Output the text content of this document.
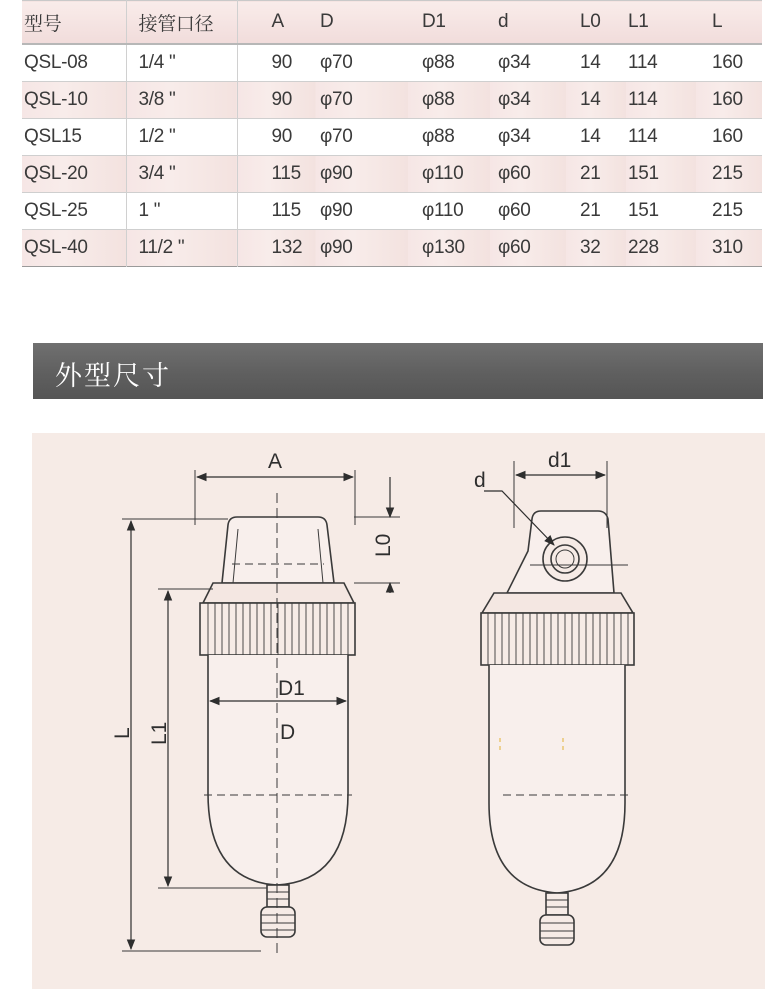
型号	接管口径	A	D	D1	d	L0	L1	L
QSL-08	1/4 "	90	φ70	φ88	φ34	14	114	160
QSL-10	3/8 "	90	φ70	φ88	φ34	14	114	160
QSL15	1/2 "	90	φ70	φ88	φ34	14	114	160
QSL-20	3/4 "	115	φ90	φ110	φ60	21	151	215
QSL-25	1 "	115	φ90	φ110	φ60	21	151	215
QSL-40	11/2 "	132	φ90	φ130	φ60	32	228	310
外型尺寸
A
L0
D1
D
L L1
d
d1
